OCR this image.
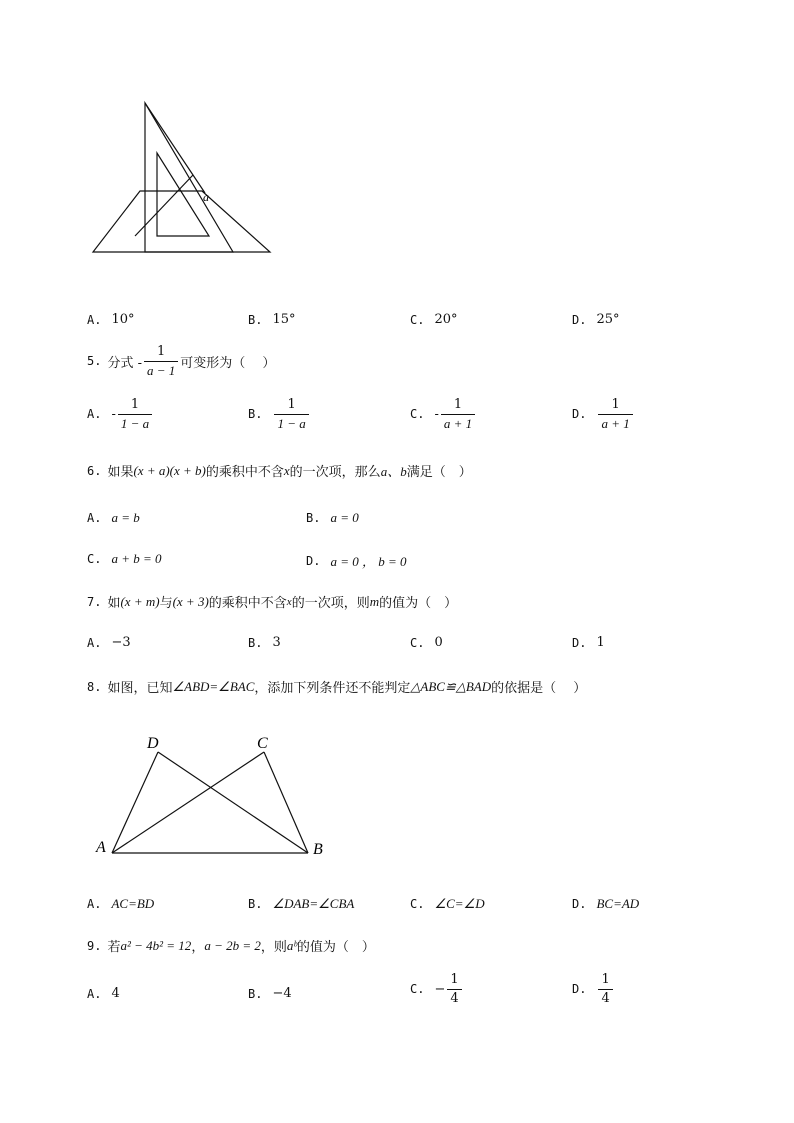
a
A. 10°	B. 15°	C. 20°	D. 25°
5. 分式 - $\frac{1}{a - 1}$ 可变形为（　 ）
A. - $\frac{1}{1 - a}$	B. $\frac{1}{1 - a}$	C. - $\frac{1}{a + 1}$	D. $\frac{1}{a + 1}$
6. 如果 (x + a)(x + b) 的乘积中不含 x 的一次项，那么 a、b 满足（　）
A. a = b	B. a = 0
C. a + b = 0	D. a = 0 ， b = 0
7. 如 (x + m) 与 (x + 3) 的乘积中不含 x 的一次项，则 m 的值为（　）
A. −3	B. 3	C. 0	D. 1
8. 如图，已知 ∠ABD=∠BAC ，添加下列条件还不能判定 △ABC≌△BAD 的依据是（　 ）
A	B
C
D
A. AC=BD	B. ∠DAB=∠CBA	C. ∠C=∠D	D. BC=AD
9. 若 a² − 4b² = 12 ， a − 2b = 2 ，则 aᵇ 的值为（　）
A. 4	B. −4	C. − $\frac{1}{4}$	D. $\frac{1}{4}$
